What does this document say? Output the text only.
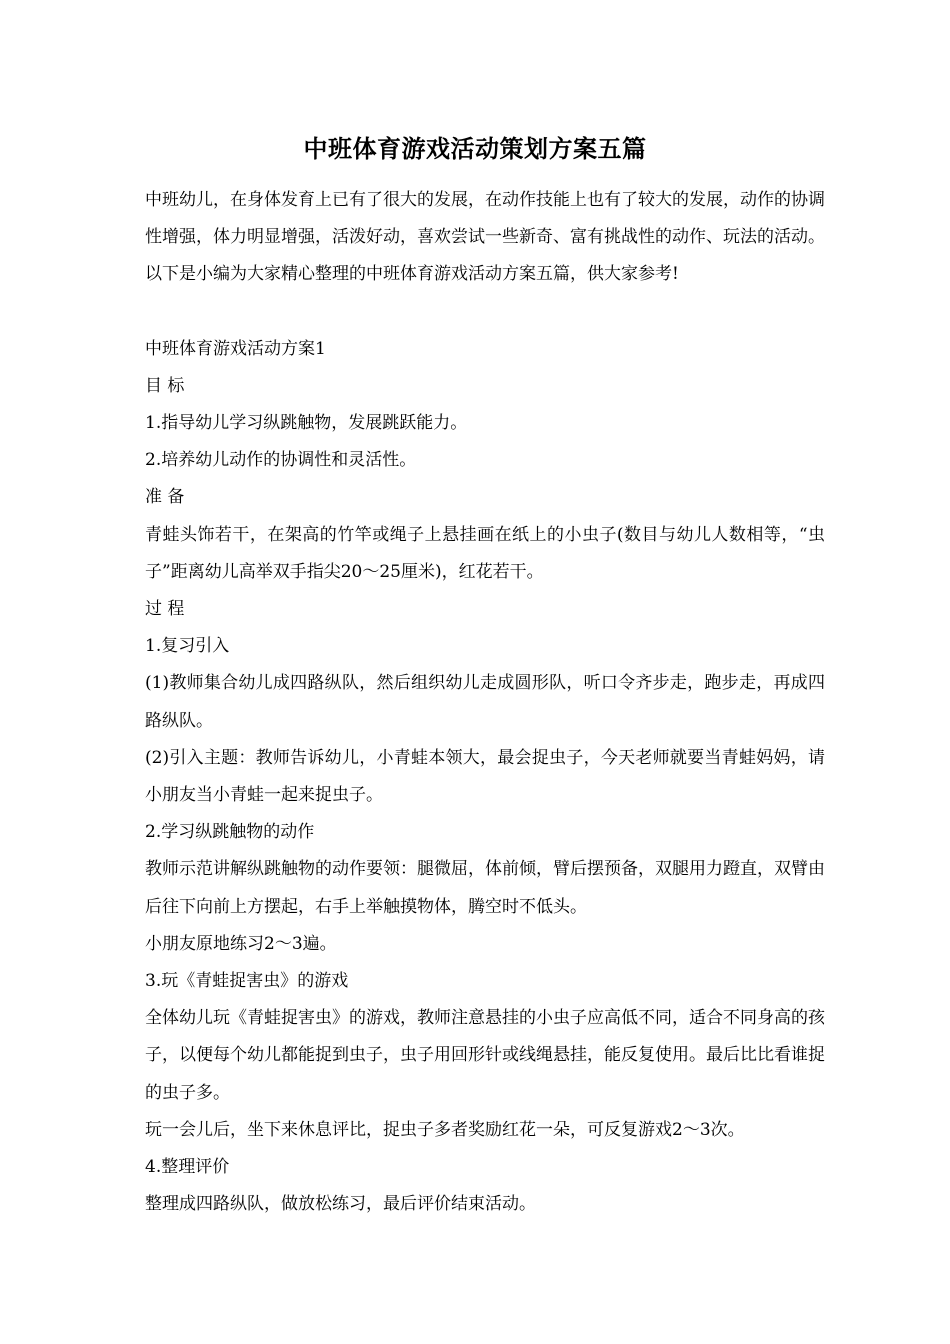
中班体育游戏活动策划方案五篇

中班幼儿，在身体发育上已有了很大的发展，在动作技能上也有了较大的发展，动作的协调性增强，体力明显增强，活泼好动，喜欢尝试一些新奇、富有挑战性的动作、玩法的活动。以下是小编为大家精心整理的中班体育游戏活动方案五篇，供大家参考!

中班体育游戏活动方案1

目 标

1.指导幼儿学习纵跳触物，发展跳跃能力。

2.培养幼儿动作的协调性和灵活性。

准 备

青蛙头饰若干，在架高的竹竿或绳子上悬挂画在纸上的小虫子(数目与幼儿人数相等，“虫子”距离幼儿高举双手指尖20～25厘米)，红花若干。

过 程

1.复习引入

(1)教师集合幼儿成四路纵队，然后组织幼儿走成圆形队，听口令齐步走，跑步走，再成四路纵队。

(2)引入主题：教师告诉幼儿，小青蛙本领大，最会捉虫子，今天老师就要当青蛙妈妈，请小朋友当小青蛙一起来捉虫子。

2.学习纵跳触物的动作

教师示范讲解纵跳触物的动作要领：腿微屈，体前倾，臂后摆预备，双腿用力蹬直，双臂由后往下向前上方摆起，右手上举触摸物体，腾空时不低头。

小朋友原地练习2～3遍。

3.玩《青蛙捉害虫》的游戏

全体幼儿玩《青蛙捉害虫》的游戏，教师注意悬挂的小虫子应高低不同，适合不同身高的孩子，以便每个幼儿都能捉到虫子，虫子用回形针或线绳悬挂，能反复使用。最后比比看谁捉的虫子多。

玩一会儿后，坐下来休息评比，捉虫子多者奖励红花一朵，可反复游戏2～3次。

4.整理评价

整理成四路纵队，做放松练习，最后评价结束活动。
